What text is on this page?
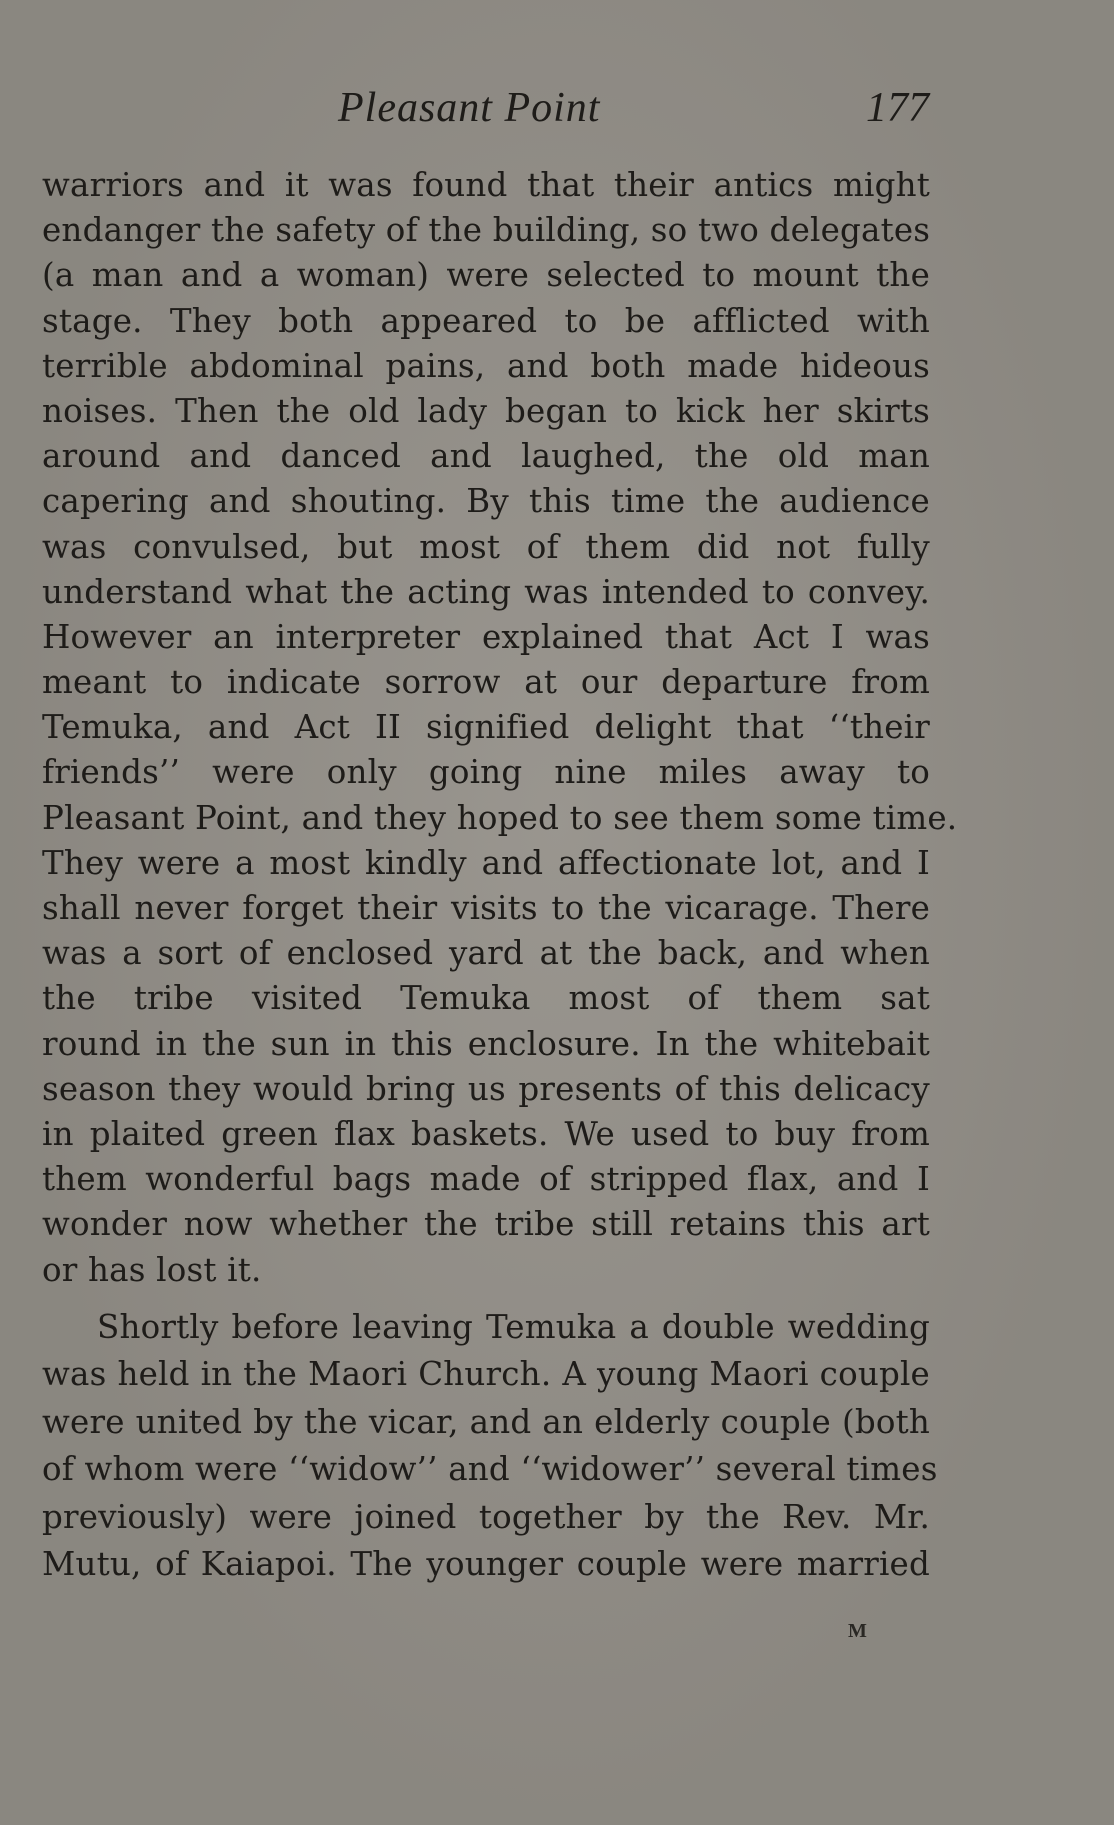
Pleasant Point	177
warriors and it was found that their antics might
endanger the safety of the building, so two delegates
(a man and a woman) were selected to mount the
stage. They both appeared to be afflicted with
terrible abdominal pains, and both made hideous
noises. Then the old lady began to kick her skirts
around and danced and laughed, the old man
capering and shouting. By this time the audience
was convulsed, but most of them did not fully
understand what the acting was intended to convey.
However an interpreter explained that Act I was
meant to indicate sorrow at our departure from
Temuka, and Act II signified delight that ‘‘their
friends’’ were only going nine miles away to
Pleasant Point, and they hoped to see them some time.
They were a most kindly and affectionate lot, and I
shall never forget their visits to the vicarage. There
was a sort of enclosed yard at the back, and when
the tribe visited Temuka most of them sat
round in the sun in this enclosure. In the whitebait
season they would bring us presents of this delicacy
in plaited green flax baskets. We used to buy from
them wonderful bags made of stripped flax, and I
wonder now whether the tribe still retains this art
or has lost it.
Shortly before leaving Temuka a double wedding
was held in the Maori Church. A young Maori couple
were united by the vicar, and an elderly couple (both
of whom were ‘‘widow’’ and ‘‘widower’’ several times
previously) were joined together by the Rev. Mr.
Mutu, of Kaiapoi. The younger couple were married
M
